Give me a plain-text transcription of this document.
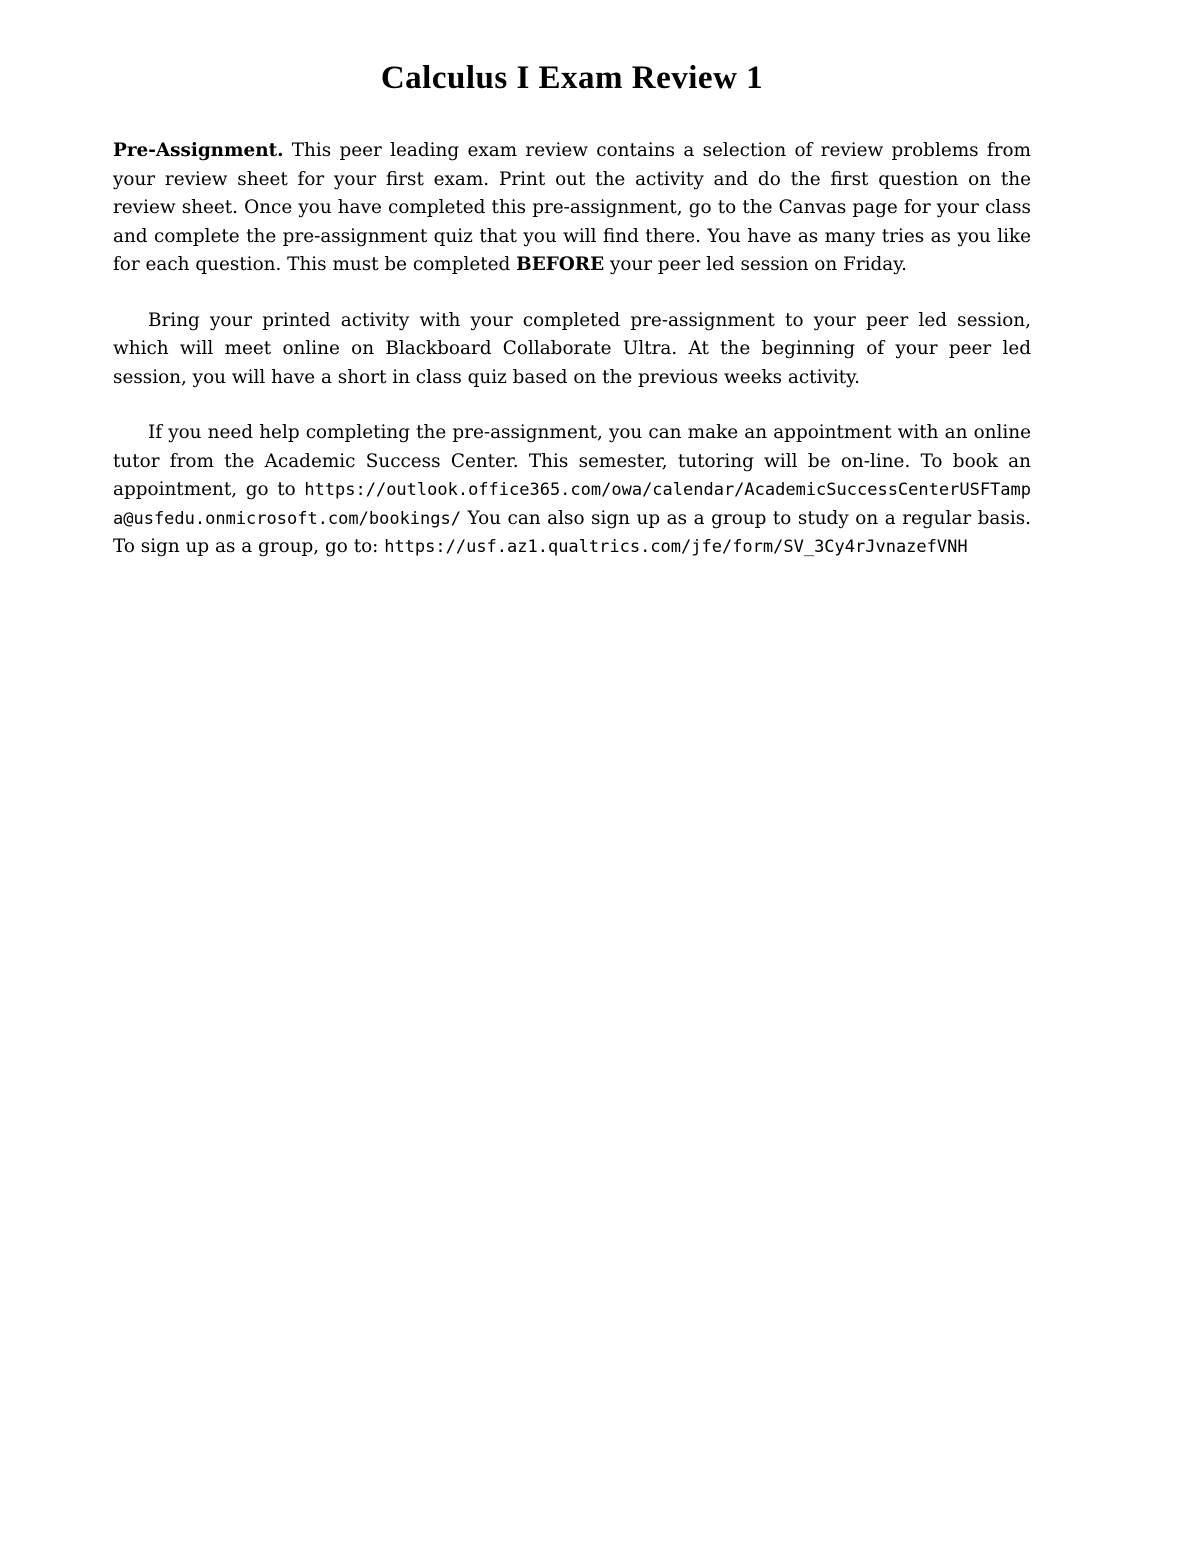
Calculus I Exam Review 1

Pre-Assignment. This peer leading exam review contains a selection of review problems from your review sheet for your first exam. Print out the activity and do the first question on the review sheet. Once you have completed this pre-assignment, go to the Canvas page for your class and complete the pre-assignment quiz that you will find there. You have as many tries as you like for each question. This must be completed BEFORE your peer led session on Friday.

Bring your printed activity with your completed pre-assignment to your peer led session, which will meet online on Blackboard Collaborate Ultra. At the beginning of your peer led session, you will have a short in class quiz based on the previous weeks activity.

If you need help completing the pre-assignment, you can make an appointment with an online tutor from the Academic Success Center. This semester, tutoring will be on-line. To book an appointment, go to https://outlook.office365.com/owa/calendar/AcademicSuccessCenterUSFTampa@usfedu.onmicrosoft.com/bookings/ You can also sign up as a group to study on a regular basis. To sign up as a group, go to: https://usf.az1.qualtrics.com/jfe/form/SV_3Cy4rJvnazefVNH
